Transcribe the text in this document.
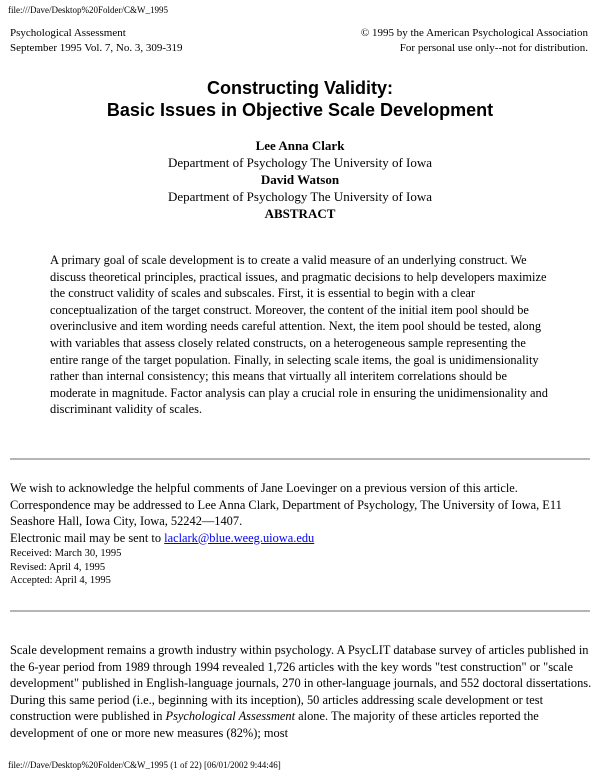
file:///Dave/Desktop%20Folder/C&W_1995
Psychological Assessment
September 1995 Vol. 7, No. 3, 309-319
© 1995 by the American Psychological Association
For personal use only--not for distribution.
Constructing Validity:
Basic Issues in Objective Scale Development
Lee Anna Clark
Department of Psychology The University of Iowa
David Watson
Department of Psychology The University of Iowa
ABSTRACT
A primary goal of scale development is to create a valid measure of an underlying construct. We discuss theoretical principles, practical issues, and pragmatic decisions to help developers maximize the construct validity of scales and subscales. First, it is essential to begin with a clear conceptualization of the target construct. Moreover, the content of the initial item pool should be overinclusive and item wording needs careful attention. Next, the item pool should be tested, along with variables that assess closely related constructs, on a heterogeneous sample representing the entire range of the target population. Finally, in selecting scale items, the goal is unidimensionality rather than internal consistency; this means that virtually all interitem correlations should be moderate in magnitude. Factor analysis can play a crucial role in ensuring the unidimensionality and discriminant validity of scales.
We wish to acknowledge the helpful comments of Jane Loevinger on a previous version of this article. Correspondence may be addressed to Lee Anna Clark, Department of Psychology, The University of Iowa, E11 Seashore Hall, Iowa City, Iowa, 52242—1407.
Electronic mail may be sent to laclark@blue.weeg.uiowa.edu
Received: March 30, 1995
Revised: April 4, 1995
Accepted: April 4, 1995
Scale development remains a growth industry within psychology. A PsycLIT database survey of articles published in the 6-year period from 1989 through 1994 revealed 1,726 articles with the key words "test construction" or "scale development" published in English-language journals, 270 in other-language journals, and 552 doctoral dissertations. During this same period (i.e., beginning with its inception), 50 articles addressing scale development or test construction were published in Psychological Assessment alone. The majority of these articles reported the development of one or more new measures (82%); most
file:///Dave/Desktop%20Folder/C&W_1995 (1 of 22) [06/01/2002 9:44:46]
